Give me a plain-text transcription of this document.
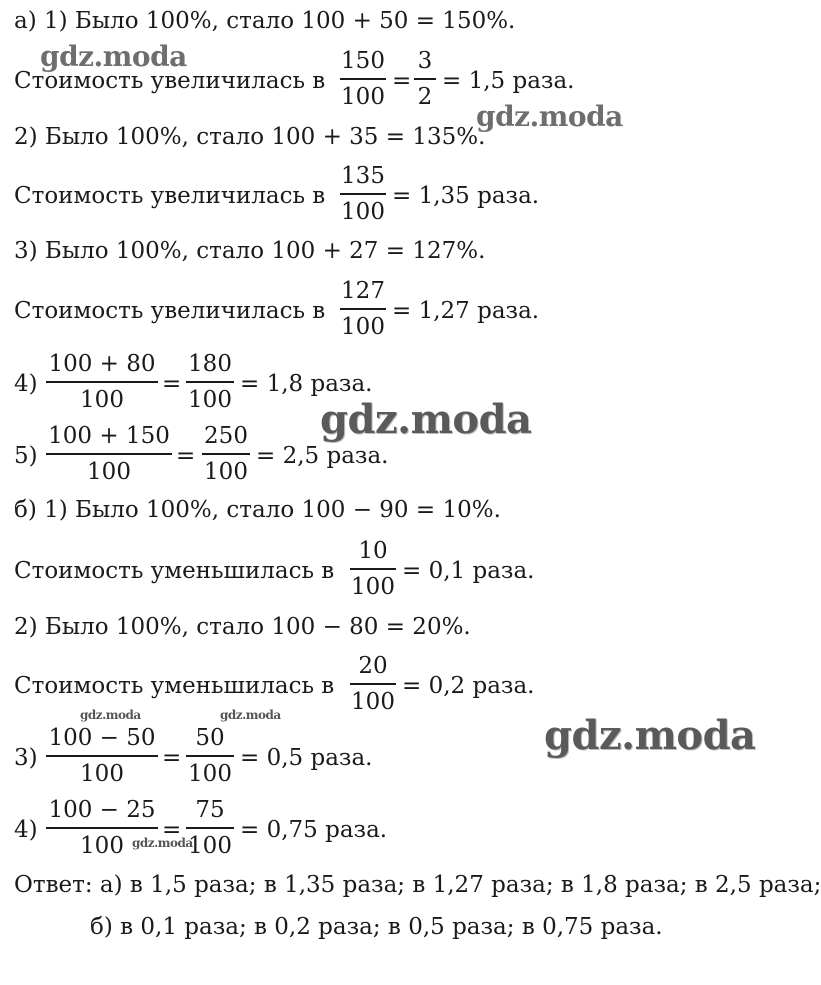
а) 1) Было 100%, стало 100 + 50 = 150%.
Стоимость увеличилась в
150
100
=
3
2
= 1,5 раза.
2) Было 100%, стало 100 + 35 = 135%.
Стоимость увеличилась в
135
100
= 1,35 раза.
3) Было 100%, стало 100 + 27 = 127%.
Стоимость увеличилась в
127
100
= 1,27 раза.
4)
100 + 80
100
=
180
100
= 1,8 раза.
5)
100 + 150
100
=
250
100
= 2,5 раза.
б) 1) Было 100%, стало 100 − 90 = 10%.
Стоимость уменьшилась в
10
100
= 0,1 раза.
2) Было 100%, стало 100 − 80 = 20%.
Стоимость уменьшилась в
20
100
= 0,2 раза.
3)
100 − 50
100
=
50
100
= 0,5 раза.
4)
100 − 25
100
=
75
100
= 0,75 раза.
Ответ: а) в 1,5 раза; в 1,35 раза; в 1,27 раза; в 1,8 раза; в 2,5 раза;
б) в 0,1 раза; в 0,2 раза; в 0,5 раза; в 0,75 раза.
gdz.moda
gdz.moda
gdz.moda
gdz.moda
gdz.moda	gdz.moda
gdz.moda
